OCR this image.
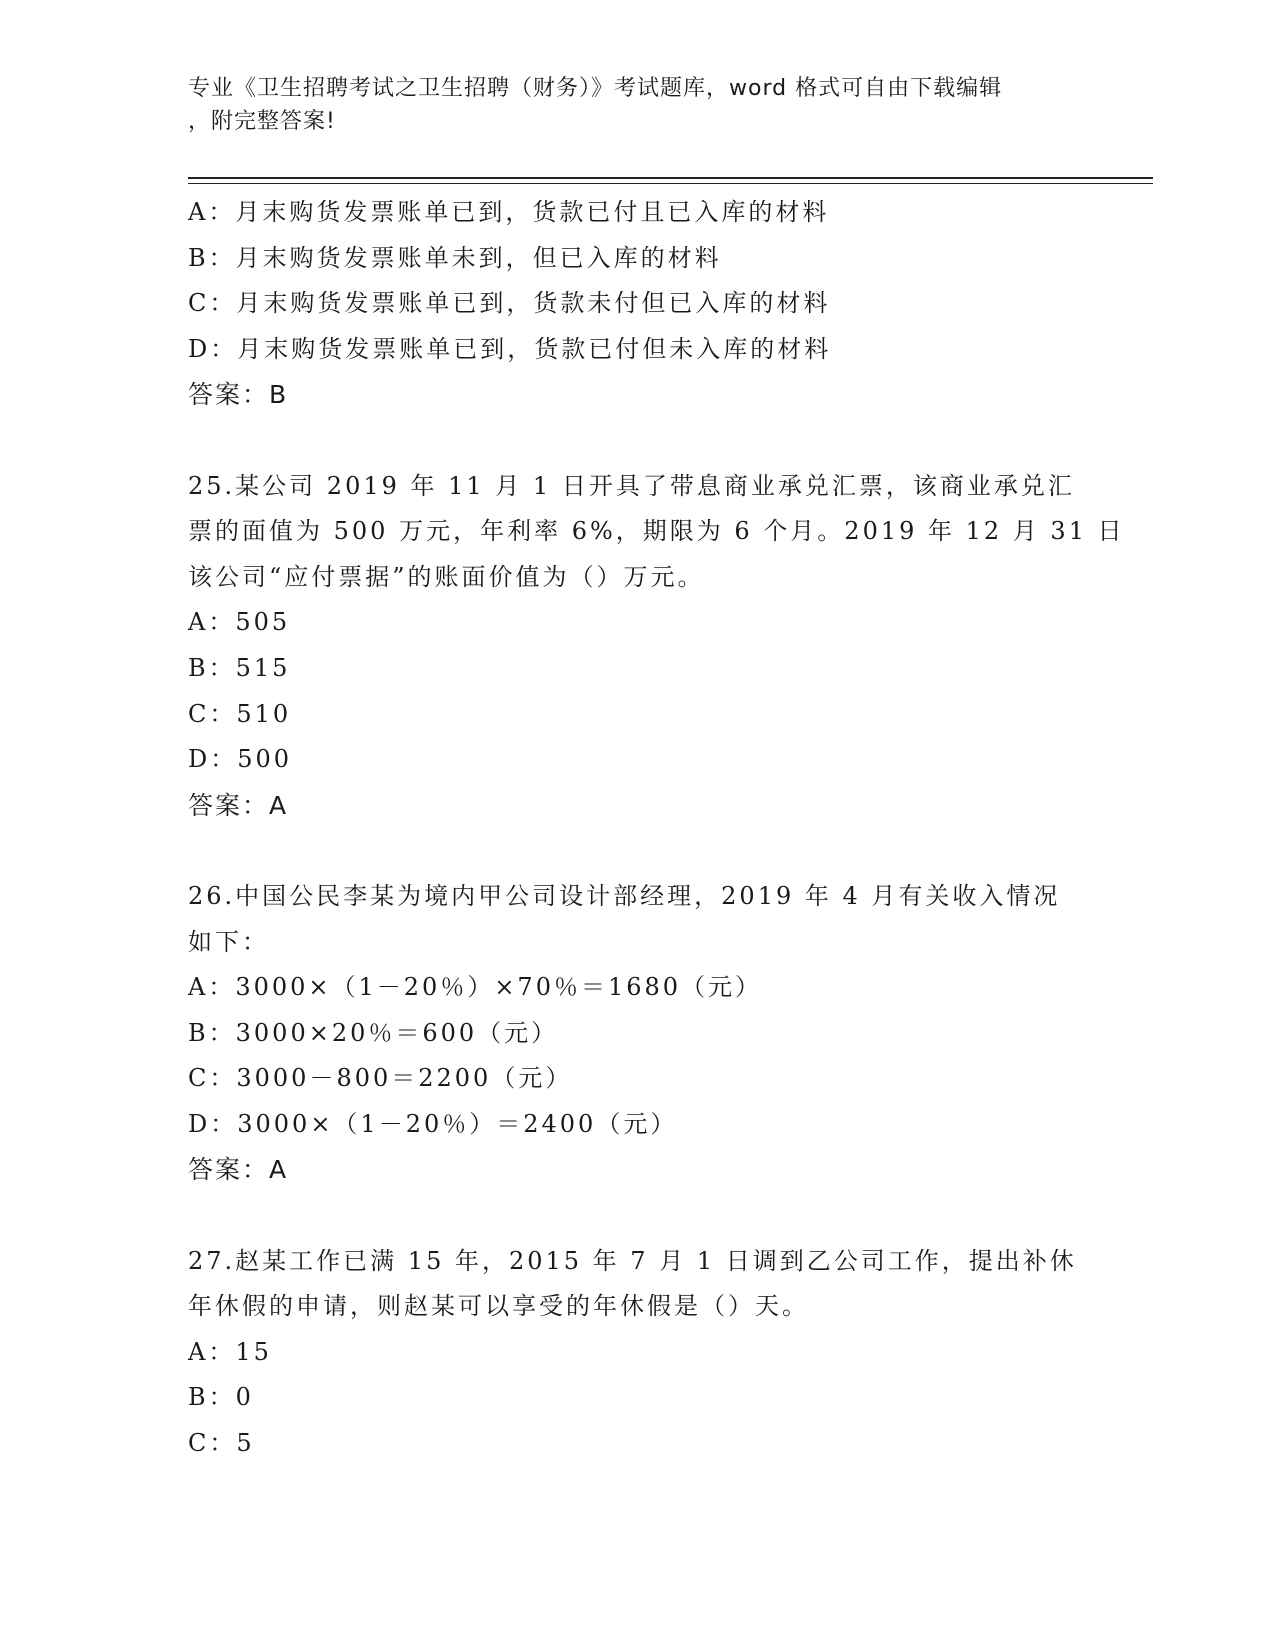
专业《卫生招聘考试之卫生招聘（财务）》考试题库，word 格式可自由下载编辑
，附完整答案!
A：月末购货发票账单已到，货款已付且已入库的材料
B：月末购货发票账单未到，但已入库的材料
C：月末购货发票账单已到，货款未付但已入库的材料
D：月末购货发票账单已到，货款已付但未入库的材料
答案：B
25.某公司 2019 年 11 月 1 日开具了带息商业承兑汇票，该商业承兑汇
票的面值为 500 万元，年利率 6%，期限为 6 个月。2019 年 12 月 31 日
该公司“应付票据”的账面价值为（）万元。
A：505
B：515
C：510
D：500
答案：A
26.中国公民李某为境内甲公司设计部经理，2019 年 4 月有关收入情况
如下：
A：3000×（1－20％）×70％＝1680（元）
B：3000×20％＝600（元）
C：3000－800＝2200（元）
D：3000×（1－20％）＝2400（元）
答案：A
27.赵某工作已满 15 年，2015 年 7 月 1 日调到乙公司工作，提出补休
年休假的申请，则赵某可以享受的年休假是（）天。
A：15
B：0
C：5
